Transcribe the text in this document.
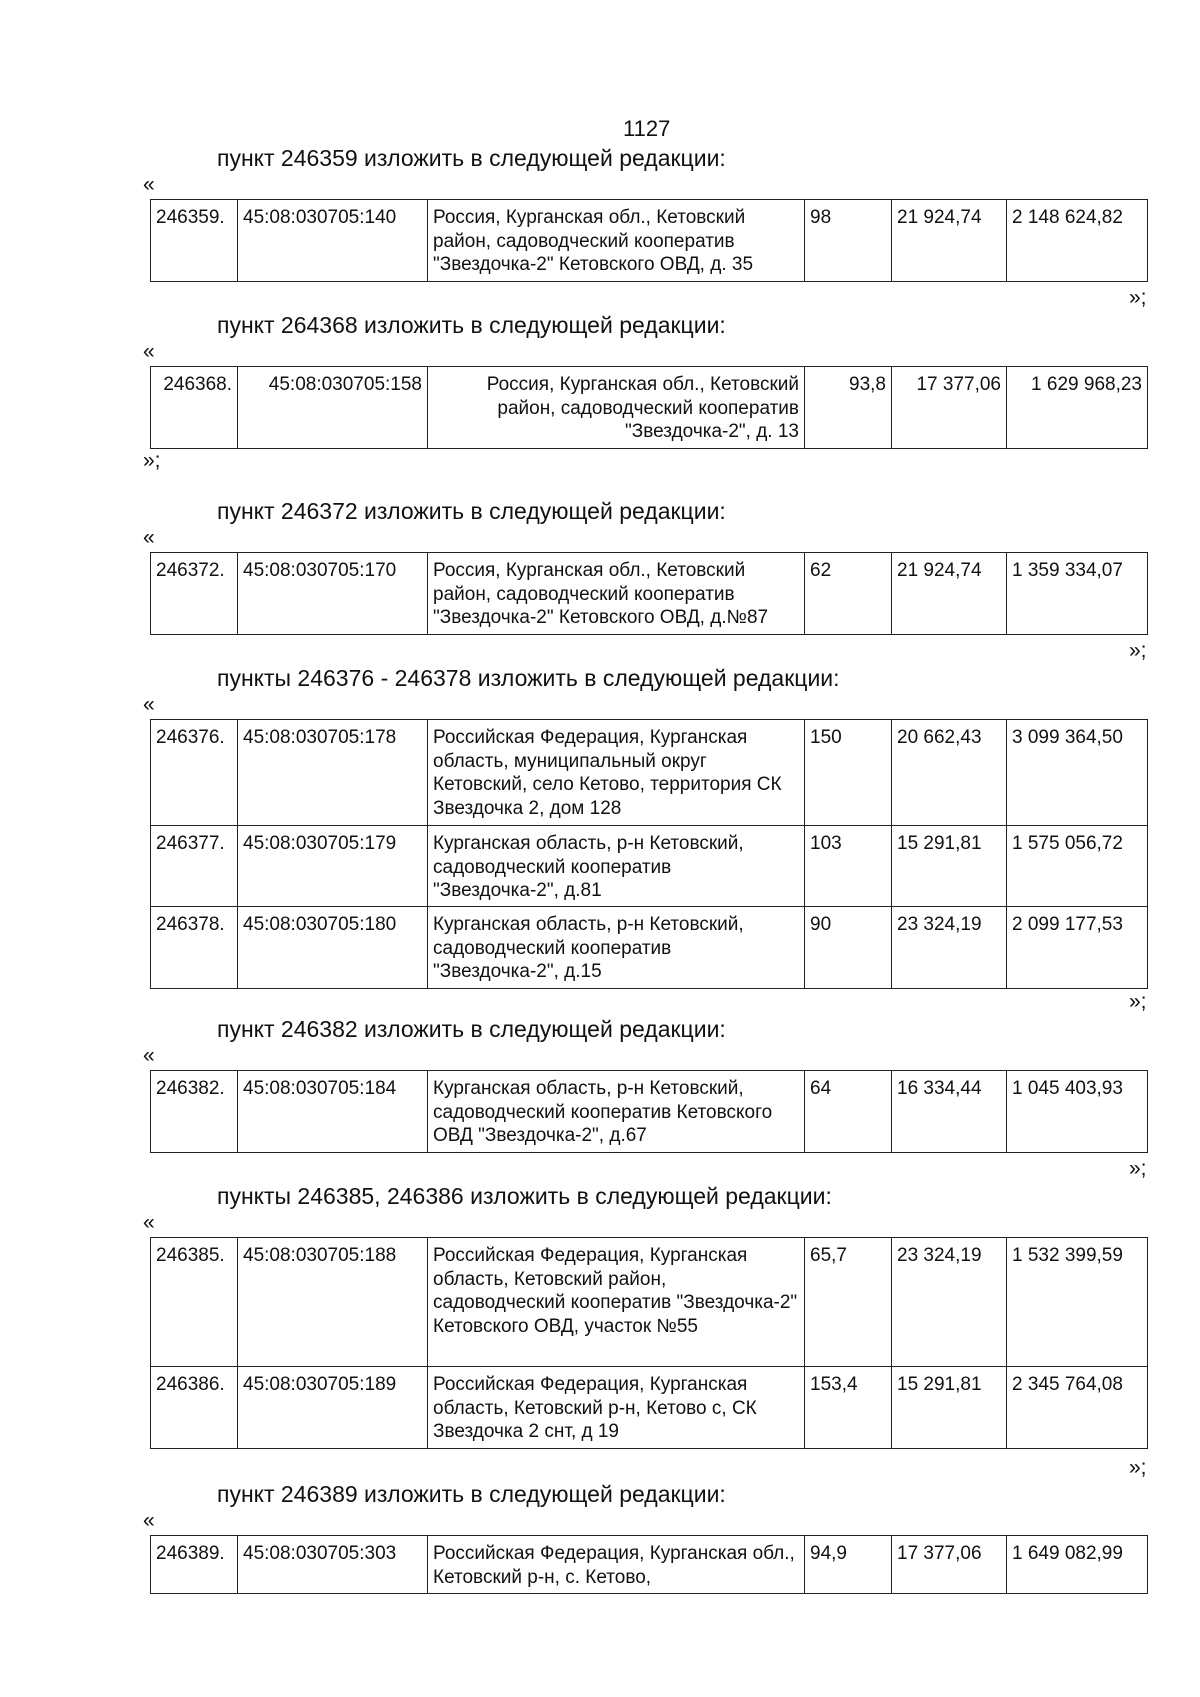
1127
пункт 246359 изложить в следующей редакции:
«
246359.	45:08:030705:140	Россия, Курганская обл., Кетовский район, садоводческий кооператив "Звездочка-2" Кетовского ОВД, д. 35	98	21 924,74	2 148 624,82
»;
пункт 264368 изложить в следующей редакции:
«
246368.	45:08:030705:158	Россия, Курганская обл., Кетовский район, садоводческий кооператив "Звездочка-2", д. 13	93,8	17 377,06	1 629 968,23
»;
пункт 246372 изложить в следующей редакции:
«
246372.	45:08:030705:170	Россия, Курганская обл., Кетовский район, садоводческий кооператив "Звездочка-2" Кетовского ОВД, д.№87	62	21 924,74	1 359 334,07
»;
пункты 246376 - 246378 изложить в следующей редакции:
«
246376.	45:08:030705:178	Российская Федерация, Курганская область, муниципальный округ Кетовский, село Кетово, территория СК Звездочка 2, дом 128	150	20 662,43	3 099 364,50
246377.	45:08:030705:179	Курганская область, р-н Кетовский, садоводческий кооператив "Звездочка-2", д.81	103	15 291,81	1 575 056,72
246378.	45:08:030705:180	Курганская область, р-н Кетовский, садоводческий кооператив "Звездочка-2", д.15	90	23 324,19	2 099 177,53
»;
пункт 246382 изложить в следующей редакции:
«
246382.	45:08:030705:184	Курганская область, р-н Кетовский, садоводческий кооператив Кетовского ОВД "Звездочка-2", д.67	64	16 334,44	1 045 403,93
»;
пункты 246385, 246386 изложить в следующей редакции:
«
246385.	45:08:030705:188	Российская Федерация, Курганская область, Кетовский район, садоводческий кооператив "Звездочка-2" Кетовского ОВД, участок №55	65,7	23 324,19	1 532 399,59
246386.	45:08:030705:189	Российская Федерация, Курганская область, Кетовский р-н, Кетово с, СК Звездочка 2 снт, д 19	153,4	15 291,81	2 345 764,08
»;
пункт 246389 изложить в следующей редакции:
«
246389.	45:08:030705:303	Российская Федерация, Курганская обл., Кетовский р-н, с. Кетово,	94,9	17 377,06	1 649 082,99
